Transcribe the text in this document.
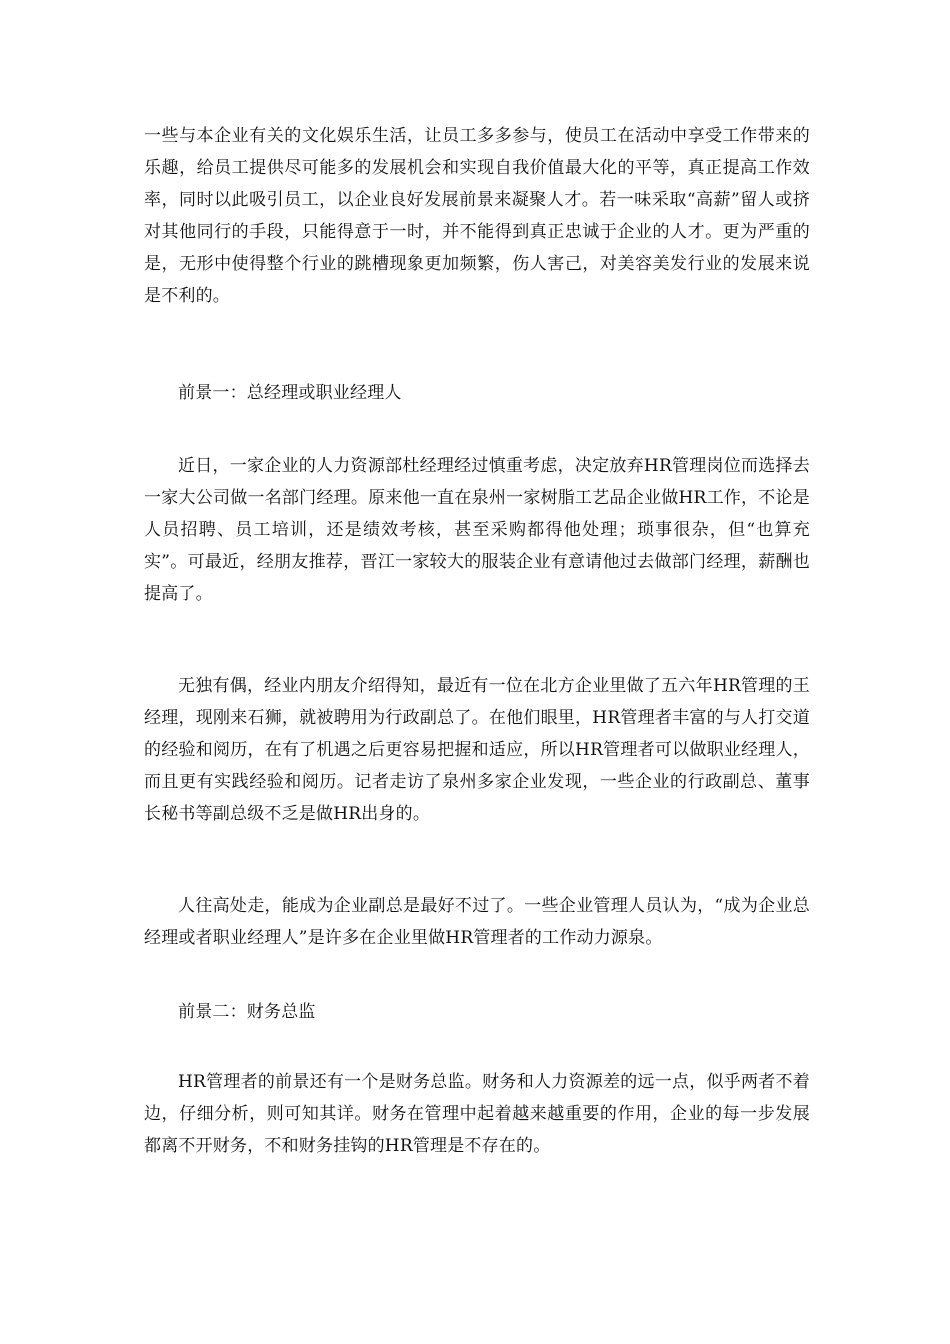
一些与本企业有关的文化娱乐生活，让员工多多参与，使员工在活动中享受工作带来的乐趣，给员工提供尽可能多的发展机会和实现自我价值最大化的平等，真正提高工作效率，同时以此吸引员工，以企业良好发展前景来凝聚人才。若一味采取“高薪”留人或挤对其他同行的手段，只能得意于一时，并不能得到真正忠诚于企业的人才。更为严重的是，无形中使得整个行业的跳槽现象更加频繁，伤人害己，对美容美发行业的发展来说是不利的。

前景一：总经理或职业经理人

近日，一家企业的人力资源部杜经理经过慎重考虑，决定放弃HR管理岗位而选择去一家大公司做一名部门经理。原来他一直在泉州一家树脂工艺品企业做HR工作，不论是人员招聘、员工培训，还是绩效考核，甚至采购都得他处理；琐事很杂，但“也算充实”。可最近，经朋友推荐，晋江一家较大的服装企业有意请他过去做部门经理，薪酬也提高了。

无独有偶，经业内朋友介绍得知，最近有一位在北方企业里做了五六年HR管理的王经理，现刚来石狮，就被聘用为行政副总了。在他们眼里，HR管理者丰富的与人打交道的经验和阅历，在有了机遇之后更容易把握和适应，所以HR管理者可以做职业经理人，而且更有实践经验和阅历。记者走访了泉州多家企业发现，一些企业的行政副总、董事长秘书等副总级不乏是做HR出身的。

人往高处走，能成为企业副总是最好不过了。一些企业管理人员认为，“成为企业总经理或者职业经理人”是许多在企业里做HR管理者的工作动力源泉。

前景二：财务总监

HR管理者的前景还有一个是财务总监。财务和人力资源差的远一点，似乎两者不着边，仔细分析，则可知其详。财务在管理中起着越来越重要的作用，企业的每一步发展都离不开财务，不和财务挂钩的HR管理是不存在的。
